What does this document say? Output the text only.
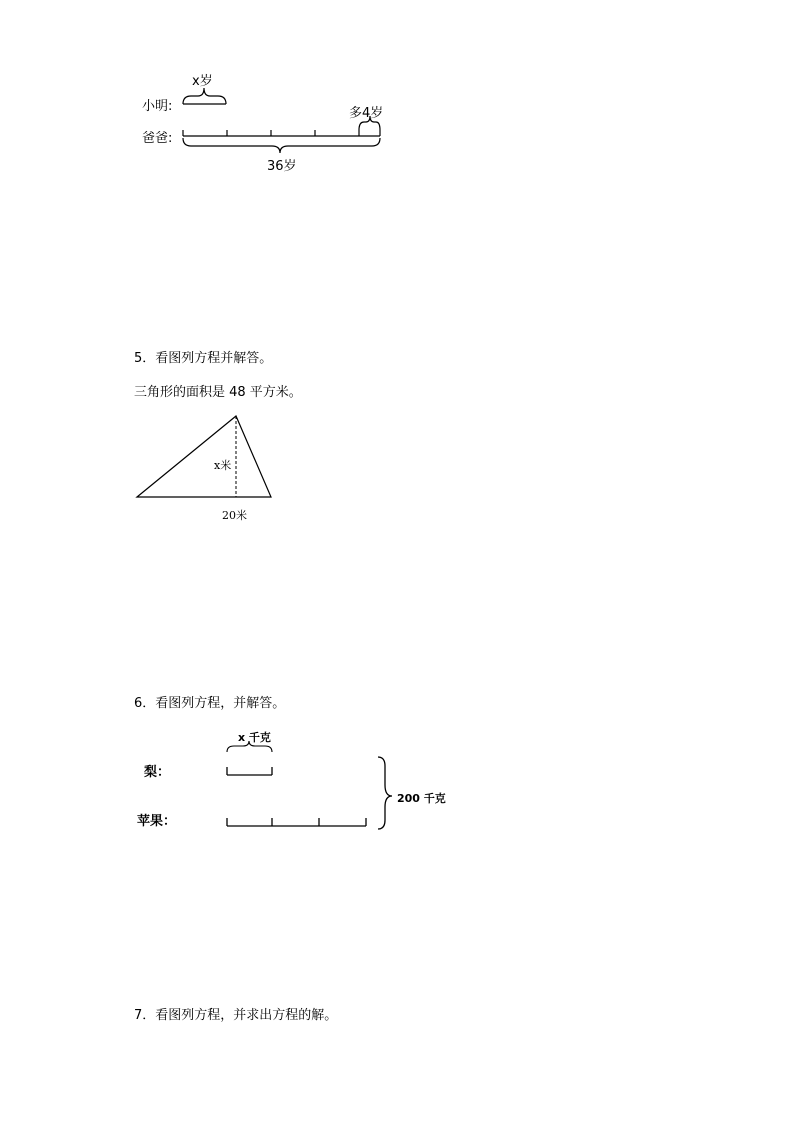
x岁
小明:	多4岁
爸爸:
36岁
5．看图列方程并解答。
三角形的面积是 48 平方米。
x米
20米
6．看图列方程，并解答。
x 千克
梨：
苹果：
200 千克
7．看图列方程，并求出方程的解。
